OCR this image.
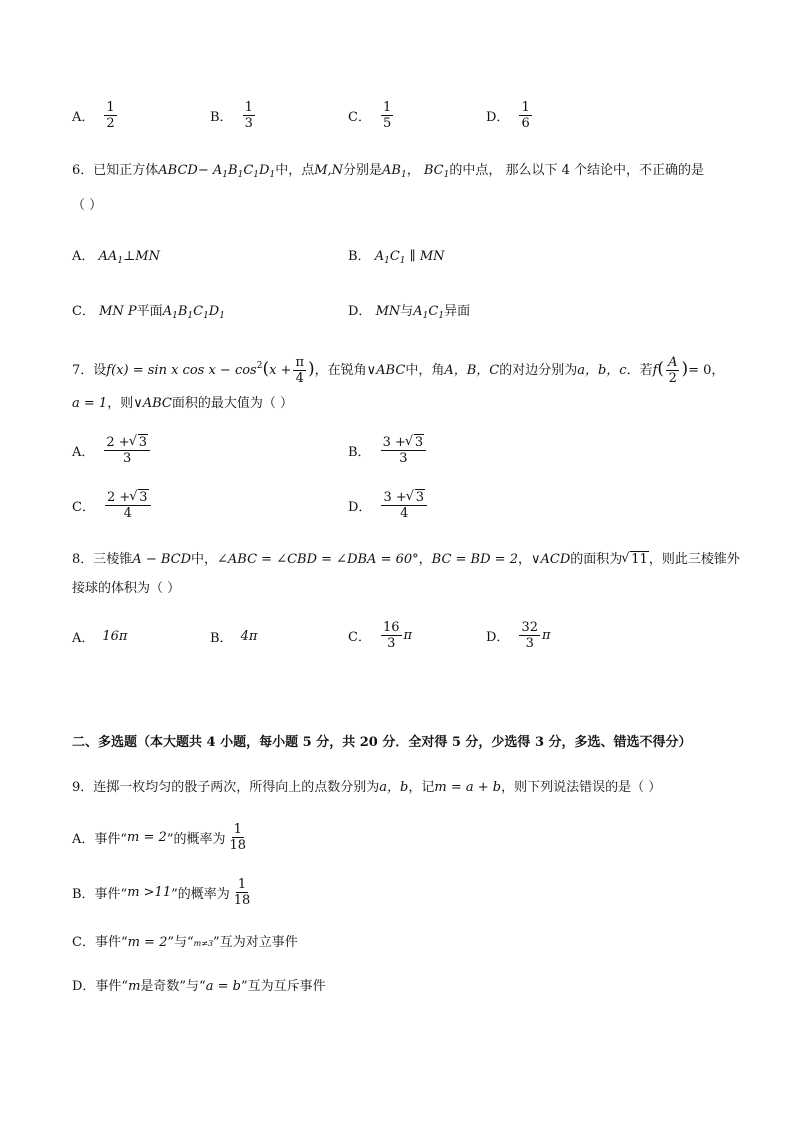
A． $\frac{1}{2}$	B． $\frac{1}{3}$	C． $\frac{1}{5}$	D． $\frac{1}{6}$
6．已知正方体ABCD− $A_1B_1C_1D_1$中，点M,N分别是$AB_1$， $BC_1$的中点， 那么以下 4 个结论中，不正确的是
（ ）
A． $AA_1\perp MN$	B． $A_1C_1$ ∥ MN
C． MN P平面$A_1B_1C_1D_1$	D． MN与$A_1C_1$异面
7．设f(x) = sin x $\cos x - \cos^2(x + \frac{\pi}{4}$ )，在锐角∨ABC中，角A，B，C的对边分别为a，b，c．若$f( \frac{A}{2}$ )= 0，
a = 1，则∨ABC面积的最大值为（ ）
A． $\frac{2 + √ 3}{3}$	B． $\frac{3 + √ 3}{3}$
C． $\frac{2 + √ 3}{4}$	D． $\frac{3 + √ 3}{4}$
8．三棱锥A − BCD中，∠ABC = ∠CBD = ∠DBA = 60°，BC = BD = 2，∨ACD的面积为 √ 11，则此三棱锥外
接球的体积为（ ）
A． 16π	B． 4π	C． $\frac{16}{3}$ π	D． $\frac{32}{3}$ π
二、多选题（本大题共 4 小题，每小题 5 分，共 20 分．全对得 5 分，少选得 3 分，多选、错选不得分）
9．连掷一枚均匀的骰子两次，所得向上的点数分别为a，b，记m = a + b，则下列说法错误的是（ ）
A．事件“ m = 2 ”的概率为 $\frac{1}{18}$
B．事件“ m >11 ”的概率为 $\frac{1}{18}$
C．事件“m = 2”与“m≠3”互为对立事件
D．事件“m是奇数”与“a = b”互为互斥事件
